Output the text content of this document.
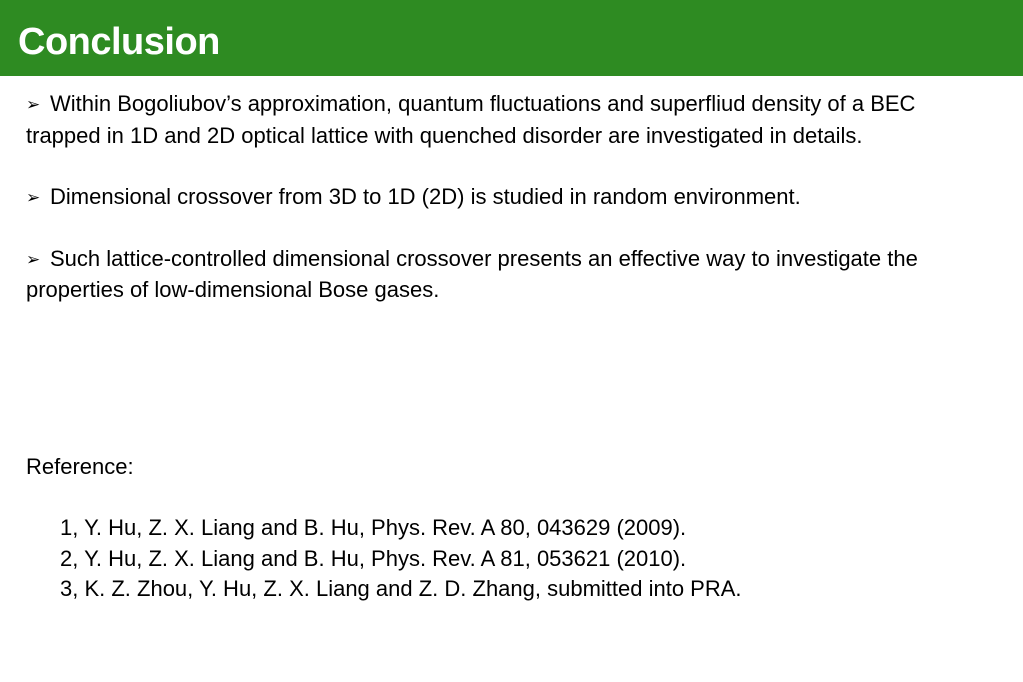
Conclusion

➢ Within Bogoliubov’s approximation, quantum fluctuations and superfliud density of a BEC trapped in 1D and 2D optical lattice with quenched disorder are investigated in details.

➢ Dimensional crossover from 3D to 1D (2D) is studied in random environment.

➢ Such lattice-controlled dimensional crossover presents an effective way to investigate the properties of low-dimensional Bose gases.

Reference:

1, Y. Hu, Z. X. Liang and B. Hu, Phys. Rev. A 80, 043629 (2009).
2, Y. Hu, Z. X. Liang and B. Hu, Phys. Rev. A 81, 053621 (2010).
3, K. Z. Zhou, Y. Hu, Z. X. Liang and Z. D. Zhang, submitted into PRA.
